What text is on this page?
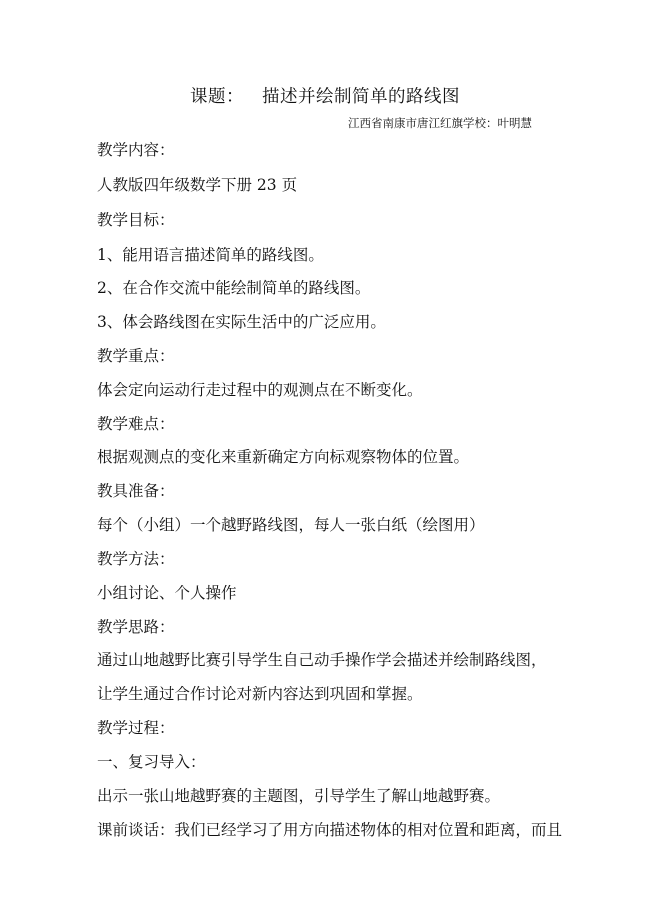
课题： 描述并绘制简单的路线图
江西省南康市唐江红旗学校：叶明慧
教学内容：
人教版四年级数学下册 23 页
教学目标：
1、能用语言描述简单的路线图。
2、在合作交流中能绘制简单的路线图。
3、体会路线图在实际生活中的广泛应用。
教学重点：
体会定向运动行走过程中的观测点在不断变化。
教学难点：
根据观测点的变化来重新确定方向标观察物体的位置。
教具准备：
每个（小组）一个越野路线图，每人一张白纸（绘图用）
教学方法：
小组讨论、个人操作
教学思路：
通过山地越野比赛引导学生自己动手操作学会描述并绘制路线图，
让学生通过合作讨论对新内容达到巩固和掌握。
教学过程：
一、复习导入：
出示一张山地越野赛的主题图，引导学生了解山地越野赛。
课前谈话：我们已经学习了用方向描述物体的相对位置和距离，而且
